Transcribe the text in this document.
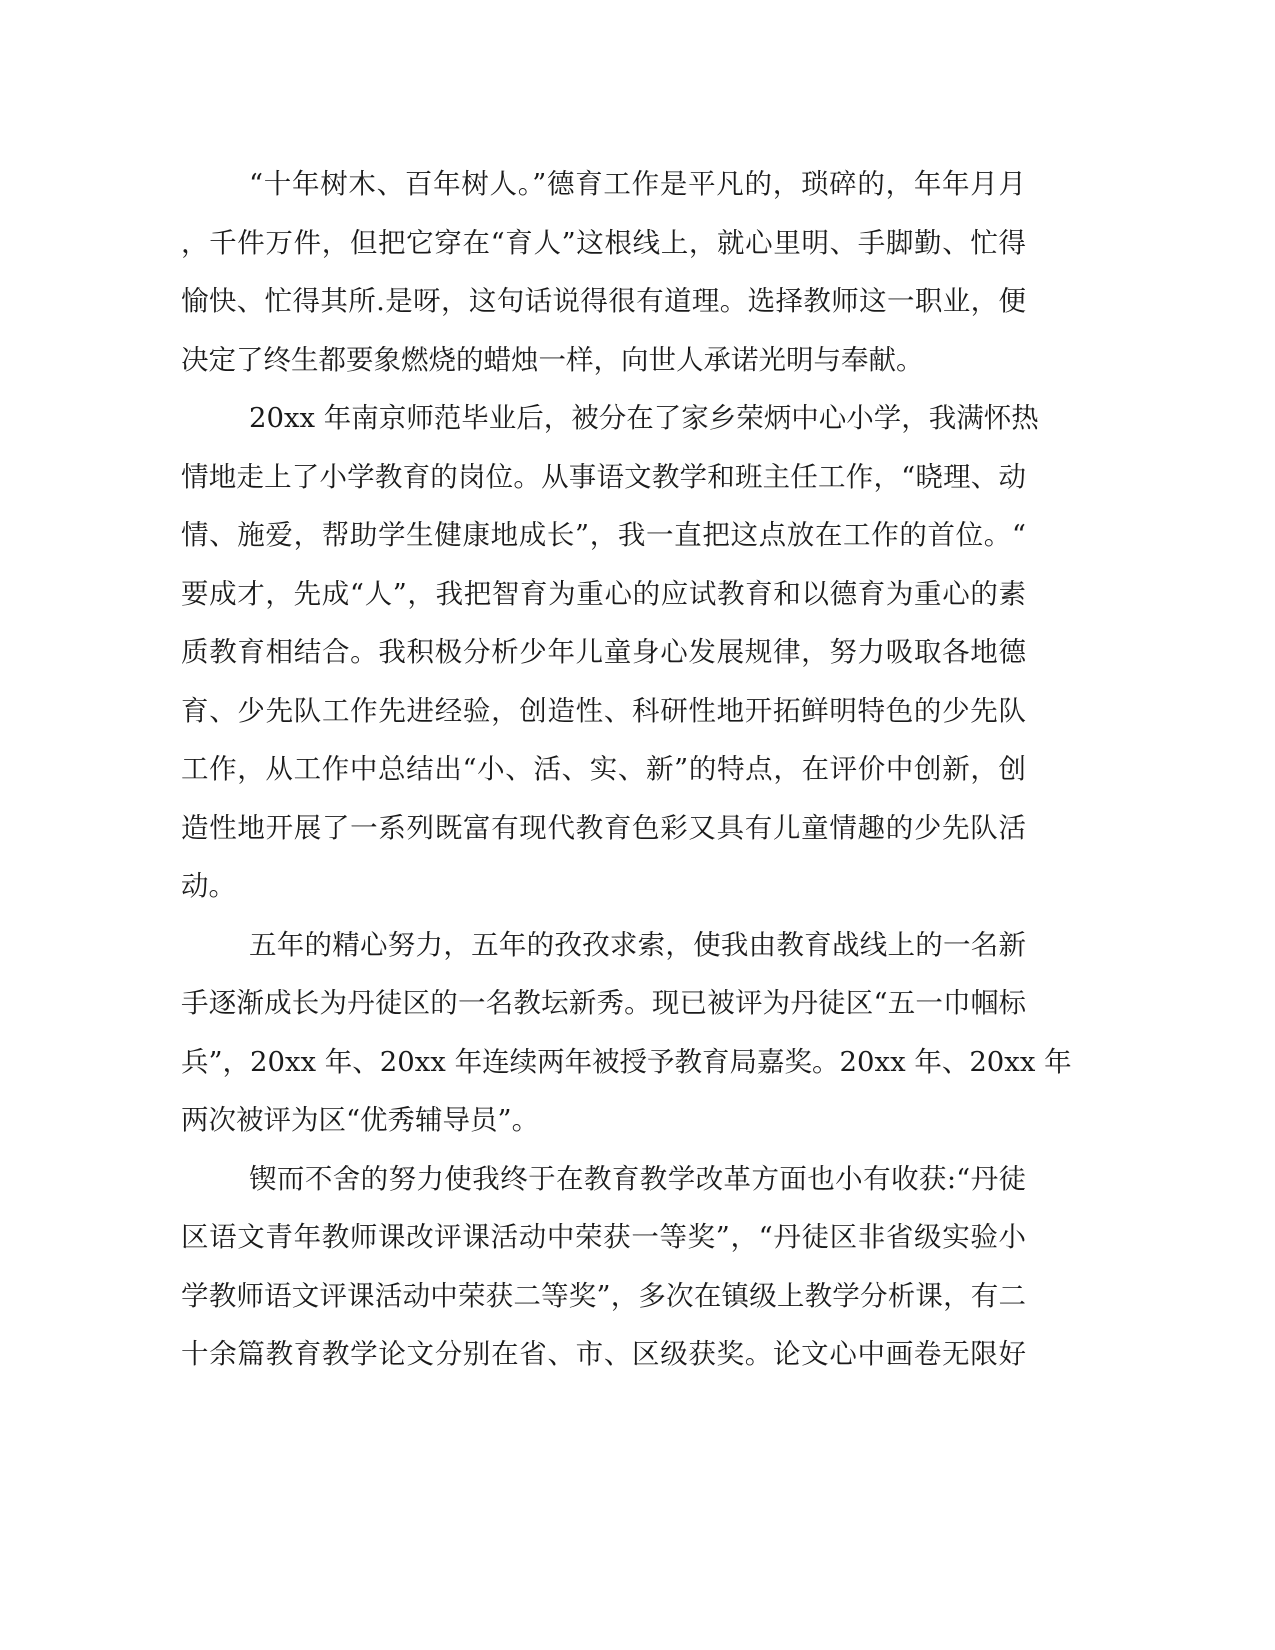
“十年树木、百年树人。”德育工作是平凡的，琐碎的，年年月月
，千件万件，但把它穿在“育人”这根线上，就心里明、手脚勤、忙得
愉快、忙得其所.是呀，这句话说得很有道理。选择教师这一职业，便
决定了终生都要象燃烧的蜡烛一样，向世人承诺光明与奉献。
20xx 年南京师范毕业后，被分在了家乡荣炳中心小学，我满怀热
情地走上了小学教育的岗位。从事语文教学和班主任工作，“晓理、动
情、施爱，帮助学生健康地成长”，我一直把这点放在工作的首位。“
要成才，先成“人”，我把智育为重心的应试教育和以德育为重心的素
质教育相结合。我积极分析少年儿童身心发展规律，努力吸取各地德
育、少先队工作先进经验，创造性、科研性地开拓鲜明特色的少先队
工作，从工作中总结出“小、活、实、新”的特点，在评价中创新，创
造性地开展了一系列既富有现代教育色彩又具有儿童情趣的少先队活
动。
五年的精心努力，五年的孜孜求索，使我由教育战线上的一名新
手逐渐成长为丹徒区的一名教坛新秀。现已被评为丹徒区“五一巾帼标
兵”，20xx 年、20xx 年连续两年被授予教育局嘉奖。20xx 年、20xx 年
两次被评为区“优秀辅导员”。
锲而不舍的努力使我终于在教育教学改革方面也小有收获:“丹徒
区语文青年教师课改评课活动中荣获一等奖”，“丹徒区非省级实验小
学教师语文评课活动中荣获二等奖”，多次在镇级上教学分析课，有二
十余篇教育教学论文分别在省、市、区级获奖。论文心中画卷无限好
